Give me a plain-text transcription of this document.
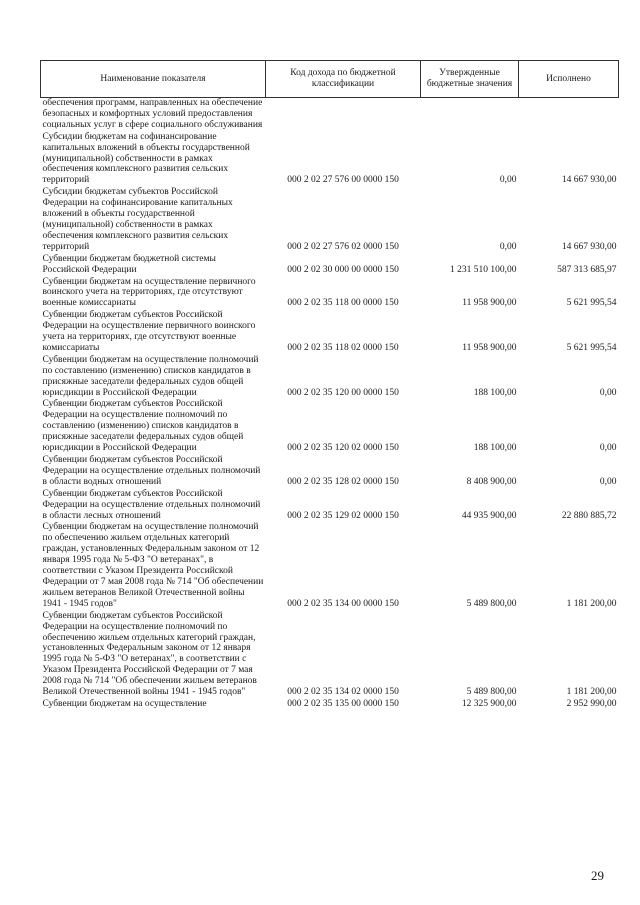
Наименование показателя	Код дохода по бюджетной классификации	Утвержденные бюджетные значения	Исполнено
обеспечения программ, направленных на обеспечение безопасных и комфортных условий предоставления социальных услуг в сфере социального обслуживания			
Субсидии бюджетам на софинансирование капитальных вложений в объекты государственной (муниципальной) собственности в рамках обеспечения комплексного развития сельских территорий	000 2 02 27 576 00 0000 150	0,00	14 667 930,00
Субсидии бюджетам субъектов Российской Федерации на софинансирование капитальных вложений в объекты государственной (муниципальной) собственности в рамках обеспечения комплексного развития сельских территорий	000 2 02 27 576 02 0000 150	0,00	14 667 930,00
Субвенции бюджетам бюджетной системы Российской Федерации	000 2 02 30 000 00 0000 150	1 231 510 100,00	587 313 685,97
Субвенции бюджетам на осуществление первичного воинского учета на территориях, где отсутствуют военные комиссариаты	000 2 02 35 118 00 0000 150	11 958 900,00	5 621 995,54
Субвенции бюджетам субъектов Российской Федерации на осуществление первичного воинского учета на территориях, где отсутствуют военные комиссариаты	000 2 02 35 118 02 0000 150	11 958 900,00	5 621 995,54
Субвенции бюджетам на осуществление полномочий по составлению (изменению) списков кандидатов в присяжные заседатели федеральных судов общей юрисдикции в Российской Федерации	000 2 02 35 120 00 0000 150	188 100,00	0,00
Субвенции бюджетам субъектов Российской Федерации на осуществление полномочий по составлению (изменению) списков кандидатов в присяжные заседатели федеральных судов общей юрисдикции в Российской Федерации	000 2 02 35 120 02 0000 150	188 100,00	0,00
Субвенции бюджетам субъектов Российской Федерации на осуществление отдельных полномочий в области водных отношений	000 2 02 35 128 02 0000 150	8 408 900,00	0,00
Субвенции бюджетам субъектов Российской Федерации на осуществление отдельных полномочий в области лесных отношений	000 2 02 35 129 02 0000 150	44 935 900,00	22 880 885,72
Субвенции бюджетам на осуществление полномочий по обеспечению жильем отдельных категорий граждан, установленных Федеральным законом от 12 января 1995 года № 5-ФЗ "О ветеранах", в соответствии с Указом Президента Российской Федерации от 7 мая 2008 года № 714 "Об обеспечении жильем ветеранов Великой Отечественной войны 1941 - 1945 годов"	000 2 02 35 134 00 0000 150	5 489 800,00	1 181 200,00
Субвенции бюджетам субъектов Российской Федерации на осуществление полномочий по обеспечению жильем отдельных категорий граждан, установленных Федеральным законом от 12 января 1995 года № 5-ФЗ "О ветеранах", в соответствии с Указом Президента Российской Федерации от 7 мая 2008 года № 714 "Об обеспечении жильем ветеранов Великой Отечественной войны 1941 - 1945 годов"	000 2 02 35 134 02 0000 150	5 489 800,00	1 181 200,00
Субвенции бюджетам на осуществление	000 2 02 35 135 00 0000 150	12 325 900,00	2 952 990,00
29
